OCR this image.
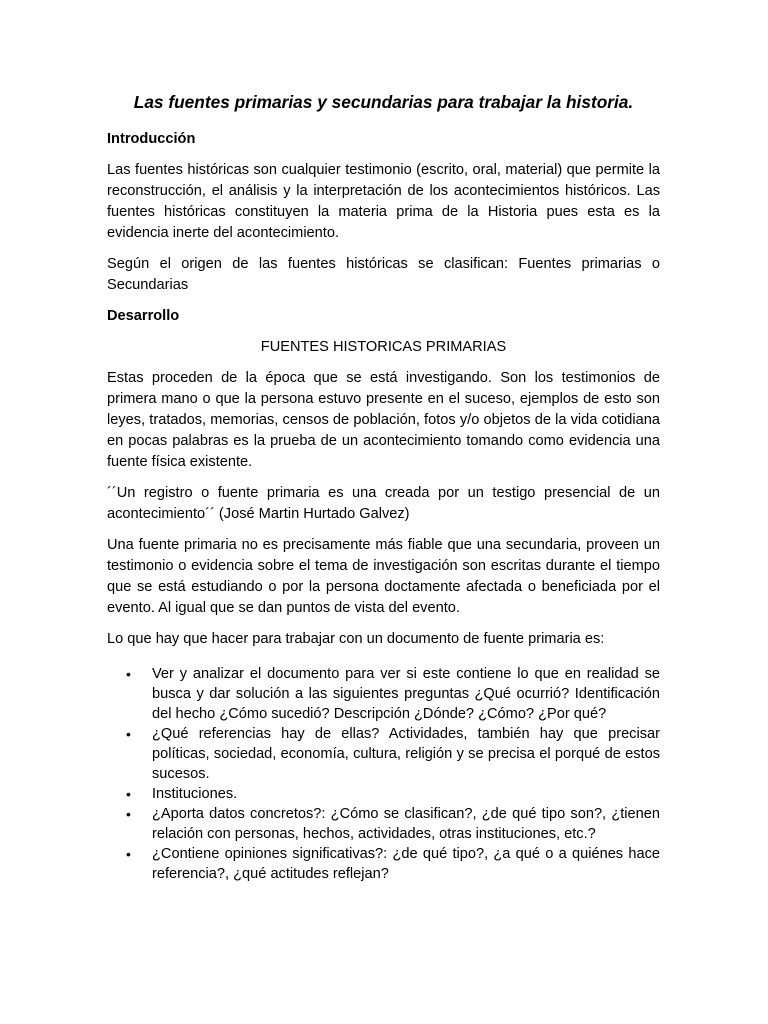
Las fuentes primarias y secundarias para trabajar la historia.
Introducción

Las fuentes históricas son cualquier testimonio (escrito, oral, material) que permite la reconstrucción, el análisis y la interpretación de los acontecimientos históricos. Las fuentes históricas constituyen la materia prima de la Historia pues esta es la evidencia inerte del acontecimiento.

Según el origen de las fuentes históricas se clasifican: Fuentes primarias o Secundarias

Desarrollo
FUENTES HISTORICAS PRIMARIAS

Estas proceden de la época que se está investigando. Son los testimonios de primera mano o que la persona estuvo presente en el suceso, ejemplos de esto son leyes, tratados, memorias, censos de población, fotos y/o objetos de la vida cotidiana en pocas palabras es la prueba de un acontecimiento tomando como evidencia una fuente física existente.

´´Un registro o fuente primaria es una creada por un testigo presencial de un acontecimiento´´ (José Martin Hurtado Galvez)

Una fuente primaria no es precisamente más fiable que una secundaria, proveen un testimonio o evidencia sobre el tema de investigación son escritas durante el tiempo que se está estudiando o por la persona doctamente afectada o beneficiada por el evento. Al igual que se dan puntos de vista del evento.

Lo que hay que hacer para trabajar con un documento de fuente primaria es:

• Ver y analizar el documento para ver si este contiene lo que en realidad se busca y dar solución a las siguientes preguntas ¿Qué ocurrió? Identificación del hecho ¿Cómo sucedió? Descripción ¿Dónde? ¿Cómo? ¿Por qué?
• ¿Qué referencias hay de ellas? Actividades, también hay que precisar políticas, sociedad, economía, cultura, religión y se precisa el porqué de estos sucesos.
• Instituciones.
• ¿Aporta datos concretos?: ¿Cómo se clasifican?, ¿de qué tipo son?, ¿tienen relación con personas, hechos, actividades, otras instituciones, etc.?
• ¿Contiene opiniones significativas?: ¿de qué tipo?, ¿a qué o a quiénes hace referencia?, ¿qué actitudes reflejan?
